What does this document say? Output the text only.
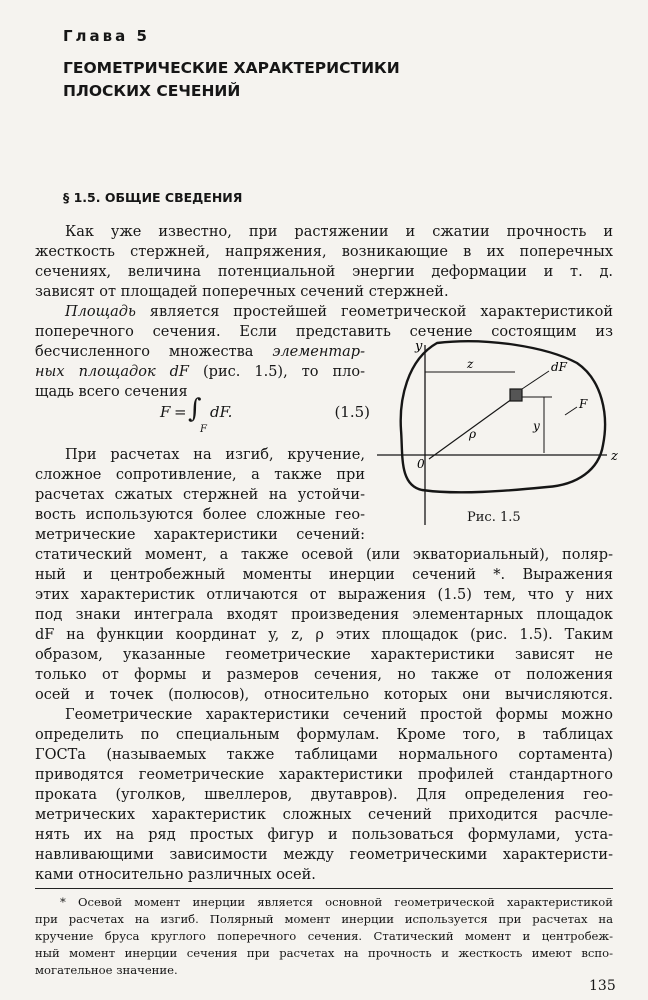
Глава 5
ГЕОМЕТРИЧЕСКИЕ ХАРАКТЕРИСТИКИ
ПЛОСКИХ СЕЧЕНИЙ
§ 1.5. ОБЩИЕ СВЕДЕНИЯ
Как уже известно, при растяжении и сжатии прочность и
жесткость стержней, напряжения, возникающие в их поперечных
сечениях, величина потенциальной энергии деформации и т. д.
зависят от площадей поперечных сечений стержней.
Площадь является простейшей геометрической характеристикой
поперечного сечения. Если представить сечение состоящим из
бесчисленного множества элементар-
ных площадок dF (рис. 1.5), то пло-
щадь всего сечения
F = ∫
F
dF.	(1.5)
При расчетах на изгиб, кручение,
сложное сопротивление, а также при
расчетах сжатых стержней на устойчи-
вость используются более сложные гео-
метрические характеристики сечений:
статический момент, а также осевой (или экваториальный), поляр-
ный и центробежный моменты инерции сечений *. Выражения
этих характеристик отличаются от выражения (1.5) тем, что у них
под знаки интеграла входят произведения элементарных площадок
dF на функции координат y, z, ρ этих площадок (рис. 1.5). Таким
образом, указанные геометрические характеристики зависят не
только от формы и размеров сечения, но также от положения
осей и точек (полюсов), относительно которых они вычисляются.
Геометрические характеристики сечений простой формы можно
определить по специальным формулам. Кроме того, в таблицах
ГОСТа (называемых также таблицами нормального сортамента)
приводятся геометрические характеристики профилей стандартного
проката (уголков, швеллеров, двутавров). Для определения гео-
метрических характеристик сложных сечений приходится расчле-
нять их на ряд простых фигур и пользоваться формулами, уста-
навливающими зависимости между геометрическими характеристи-
ками относительно различных осей.
y
z
dF
F
0
ρ
z
y
Рис. 1.5
* Осевой момент инерции является основной геометрической характеристикой
при расчетах на изгиб. Полярный момент инерции используется при расчетах на
кручение бруса круглого поперечного сечения. Статический момент и центробеж-
ный момент инерции сечения при расчетах на прочность и жесткость имеют вспо-
могательное значение.
135
